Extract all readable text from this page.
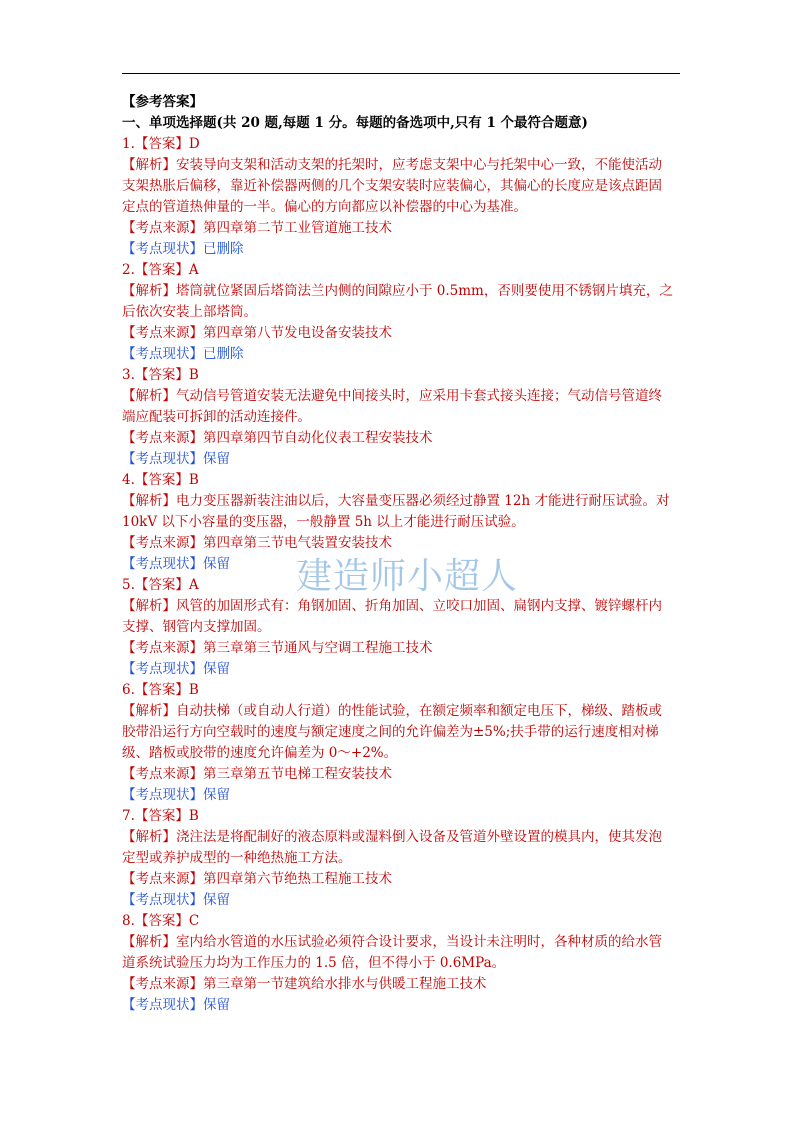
【参考答案】
一、单项选择题(共 20 题,每题 1 分。每题的备选项中,只有 1 个最符合题意)
1.【答案】D
【解析】安装导向支架和活动支架的托架时，应考虑支架中心与托架中心一致，不能使活动
支架热胀后偏移，靠近补偿器两侧的几个支架安装时应装偏心，其偏心的长度应是该点距固
定点的管道热伸量的一半。偏心的方向都应以补偿器的中心为基准。
【考点来源】第四章第二节工业管道施工技术
【考点现状】已删除
2.【答案】A
【解析】塔筒就位紧固后塔筒法兰内侧的间隙应小于 0.5mm，否则要使用不锈钢片填充，之
后依次安装上部塔筒。
【考点来源】第四章第八节发电设备安装技术
【考点现状】已删除
3.【答案】B
【解析】气动信号管道安装无法避免中间接头时，应采用卡套式接头连接；气动信号管道终
端应配装可拆卸的活动连接件。
【考点来源】第四章第四节自动化仪表工程安装技术
【考点现状】保留
4.【答案】B
【解析】电力变压器新装注油以后，大容量变压器必须经过静置 12h 才能进行耐压试验。对
10kV 以下小容量的变压器，一般静置 5h 以上才能进行耐压试验。
【考点来源】第四章第三节电气装置安装技术
【考点现状】保留
5.【答案】A
【解析】风管的加固形式有：角钢加固、折角加固、立咬口加固、扁钢内支撑、镀锌螺杆内
支撑、钢管内支撑加固。
【考点来源】第三章第三节通风与空调工程施工技术
【考点现状】保留
6.【答案】B
【解析】自动扶梯（或自动人行道）的性能试验，在额定频率和额定电压下，梯级、踏板或
胶带沿运行方向空载时的速度与额定速度之间的允许偏差为±5%;扶手带的运行速度相对梯
级、踏板或胶带的速度允许偏差为 0～+2%。
【考点来源】第三章第五节电梯工程安装技术
【考点现状】保留
7.【答案】B
【解析】浇注法是将配制好的液态原料或湿料倒入设备及管道外壁设置的模具内，使其发泡
定型或养护成型的一种绝热施工方法。
【考点来源】第四章第六节绝热工程施工技术
【考点现状】保留
8.【答案】C
【解析】室内给水管道的水压试验必须符合设计要求，当设计未注明时，各种材质的给水管
道系统试验压力均为工作压力的 1.5 倍，但不得小于 0.6MPa。
【考点来源】第三章第一节建筑给水排水与供暖工程施工技术
【考点现状】保留
建造师小超人
